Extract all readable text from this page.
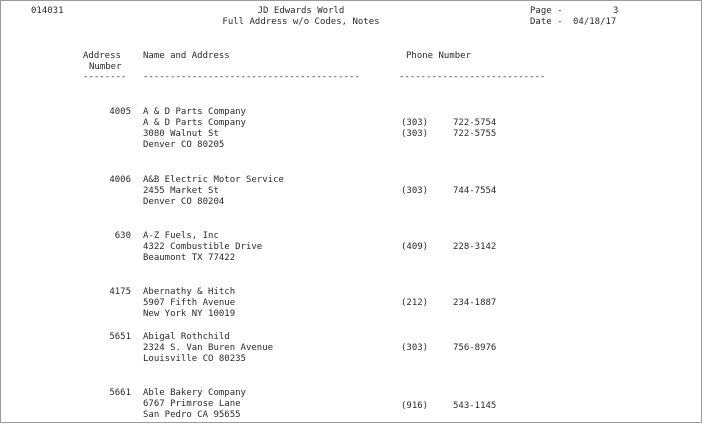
014031	JD Edwards World
Full Address w/o Codes, Notes
Page -	3
Date - 04/18/17
Address
Number
--------
Name and Address
----------------------------------------
Phone Number
---------------------------
4005 A & D Parts Company
A & D Parts Company
3080 Walnut St
Denver CO 80205
(303)	722-5754
(303)	722-5755
4006 A&B Electric Motor Service
2455 Market St
Denver CO 80204
(303)	744-7554
630 A-Z Fuels, Inc
4322 Combustible Drive
Beaumont TX 77422
(409)	228-3142
4175 Abernathy & Hitch
5907 Fifth Avenue
New York NY 10019
(212)	234-1887
5651 Abigal Rothchild
2324 S. Van Buren Avenue
Louisville CO 80235
(303)	756-8976
5661 Able Bakery Company
6767 Primrose Lane
San Pedro CA 95655
(916)	543-1145
